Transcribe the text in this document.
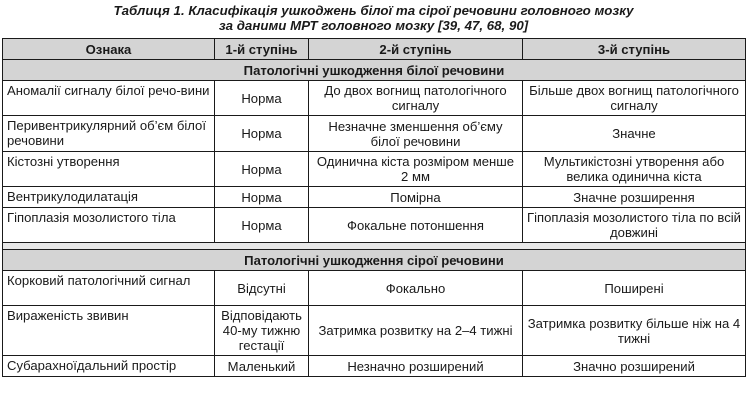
Таблиця 1. Класифікація ушкоджень білої та сірої речовини головного мозку
за даними МРТ головного мозку [39, 47, 68, 90]
Ознака	1-й ступінь	2-й ступінь	3-й ступінь
Патологічні ушкодження білої речовини			
Аномалії сигналу білої речо-вини	Норма	До двох вогнищ патологічного сигналу	Більше двох вогнищ патологічного сигналу
Перивентрикулярний об’єм білої речовини	Норма	Незначне зменшення об’єму білої речовини	Значне
Кістозні утворення	Норма	Одинична кіста розміром менше 2 мм	Мультикістозні утворення або велика одинична кіста
Вентрикулодилатація	Норма	Помірна	Значне розширення
Гіпоплазія мозолистого тіла	Норма	Фокальне потоншення	Гіпоплазія мозолистого тіла по всій довжині

Патологічні ушкодження сірої речовини			
Корковий патологічний сигнал	Відсутні	Фокально	Поширені
Вираженість звивин	Відповідають 40-му тижню гестації	Затримка розвитку на 2–4 тижні	Затримка розвитку більше ніж на 4 тижні
Субарахноїдальний простір	Маленький	Незначно розширений	Значно розширений
